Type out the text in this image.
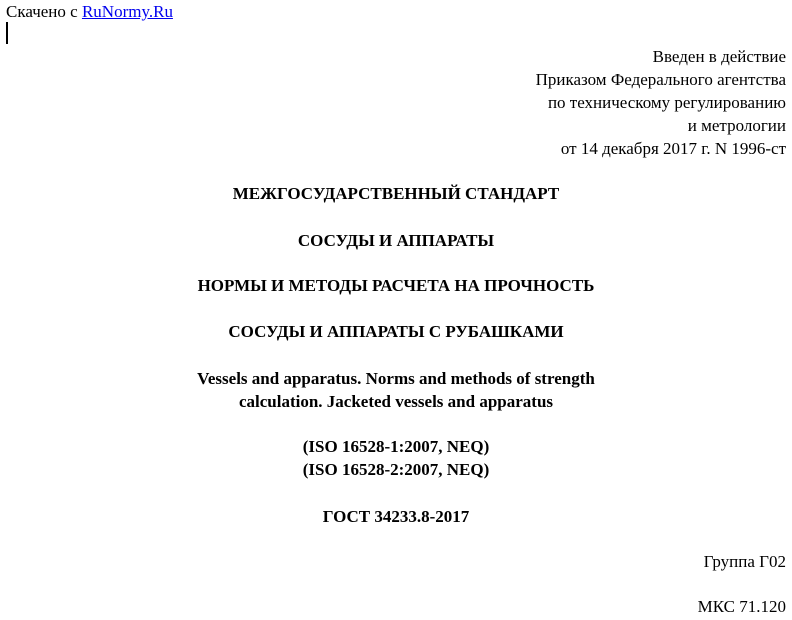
Скачено с RuNormy.Ru
Введен в действие
Приказом Федерального агентства
по техническому регулированию
и метрологии
от 14 декабря 2017 г. N 1996-ст
МЕЖГОСУДАРСТВЕННЫЙ СТАНДАРТ
СОСУДЫ И АППАРАТЫ
НОРМЫ И МЕТОДЫ РАСЧЕТА НА ПРОЧНОСТЬ
СОСУДЫ И АППАРАТЫ С РУБАШКАМИ
Vessels and apparatus. Norms and methods of strength
calculation. Jacketed vessels and apparatus
(ISO 16528-1:2007, NEQ)
(ISO 16528-2:2007, NEQ)
ГОСТ 34233.8-2017
Группа Г02
МКС 71.120
